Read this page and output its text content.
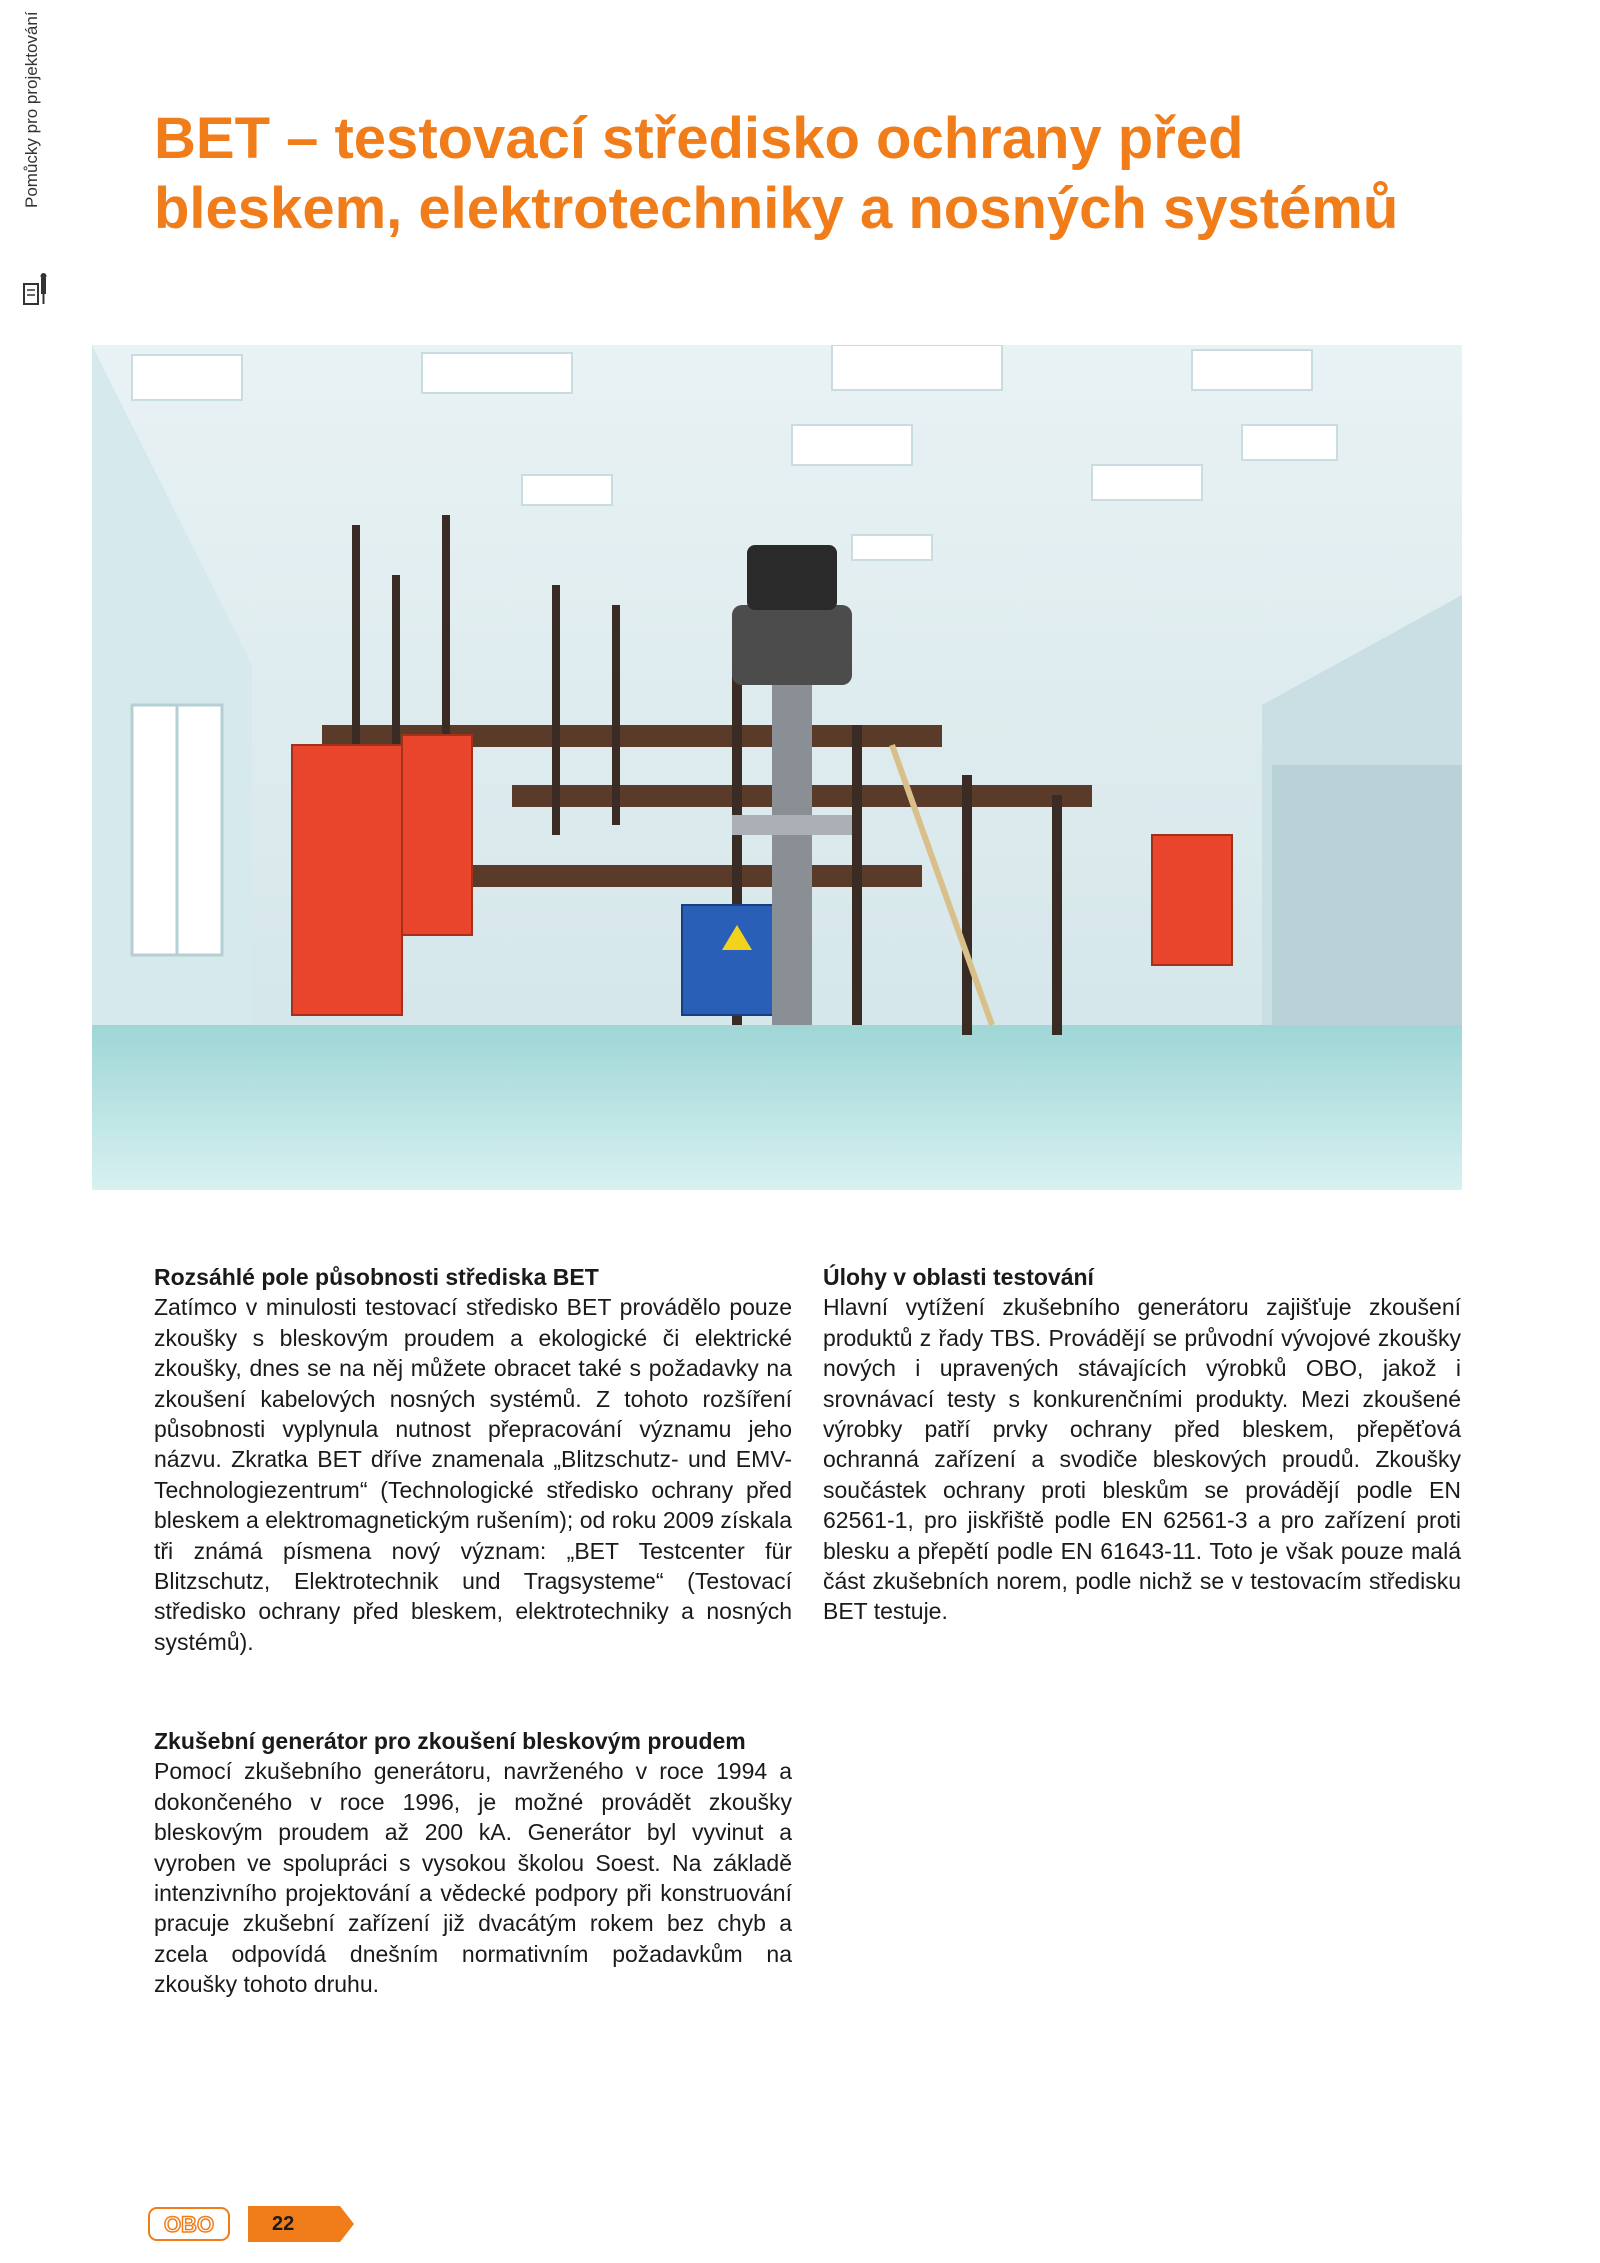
Pomůcky pro projektování BET – testovací středisko ochrany před
bleskem, elektrotechniky a nosných systémů
Rozsáhlé pole působnosti střediska BET

Zatímco v minulosti testovací středisko BET provádělo pouze zkoušky s bleskovým proudem a ekologické či elektrické zkoušky, dnes se na něj můžete obracet také s požadavky na zkoušení kabelových nosných systémů. Z tohoto rozšíření působnosti vyplynula nutnost přepracování významu jeho názvu. Zkratka BET dříve znamenala „Blitzschutz- und EMV-Technologiezentrum“ (Technologické středisko ochrany před bleskem a elektromagnetickým rušením); od roku 2009 získala tři známá písmena nový význam: „BET Testcenter für Blitzschutz, Elektrotechnik und Tragsysteme“ (Testovací středisko ochrany před bleskem, elektrotechniky a nosných systémů).

Úlohy v oblasti testování

Hlavní vytížení zkušebního generátoru zajišťuje zkoušení produktů z řady TBS. Provádějí se průvodní vývojové zkoušky nových i upravených stávajících výrobků OBO, jakož i srovnávací testy s konkurenčními produkty. Mezi zkoušené výrobky patří prvky ochrany před bleskem, přepěťová ochranná zařízení a svodiče bleskových proudů. Zkoušky součástek ochrany proti bleskům se provádějí podle EN 62561-1, pro jiskřiště podle EN 62561-3 a pro zařízení proti blesku a přepětí podle EN 61643-11. Toto je však pouze malá část zkušebních norem, podle nichž se v testovacím středisku BET testuje.

Zkušební generátor pro zkoušení bleskovým proudem

Pomocí zkušebního generátoru, navrženého v roce 1994 a dokončeného v roce 1996, je možné provádět zkoušky bleskovým proudem až 200 kA. Generátor byl vyvinut a vyroben ve spolupráci s vysokou školou Soest. Na základě intenzivního projektování a vědecké podpory při konstruování pracuje zkušební zařízení již dvacátým rokem bez chyb a zcela odpovídá dnešním normativním požadavkům na zkoušky tohoto druhu.

OBO	22
